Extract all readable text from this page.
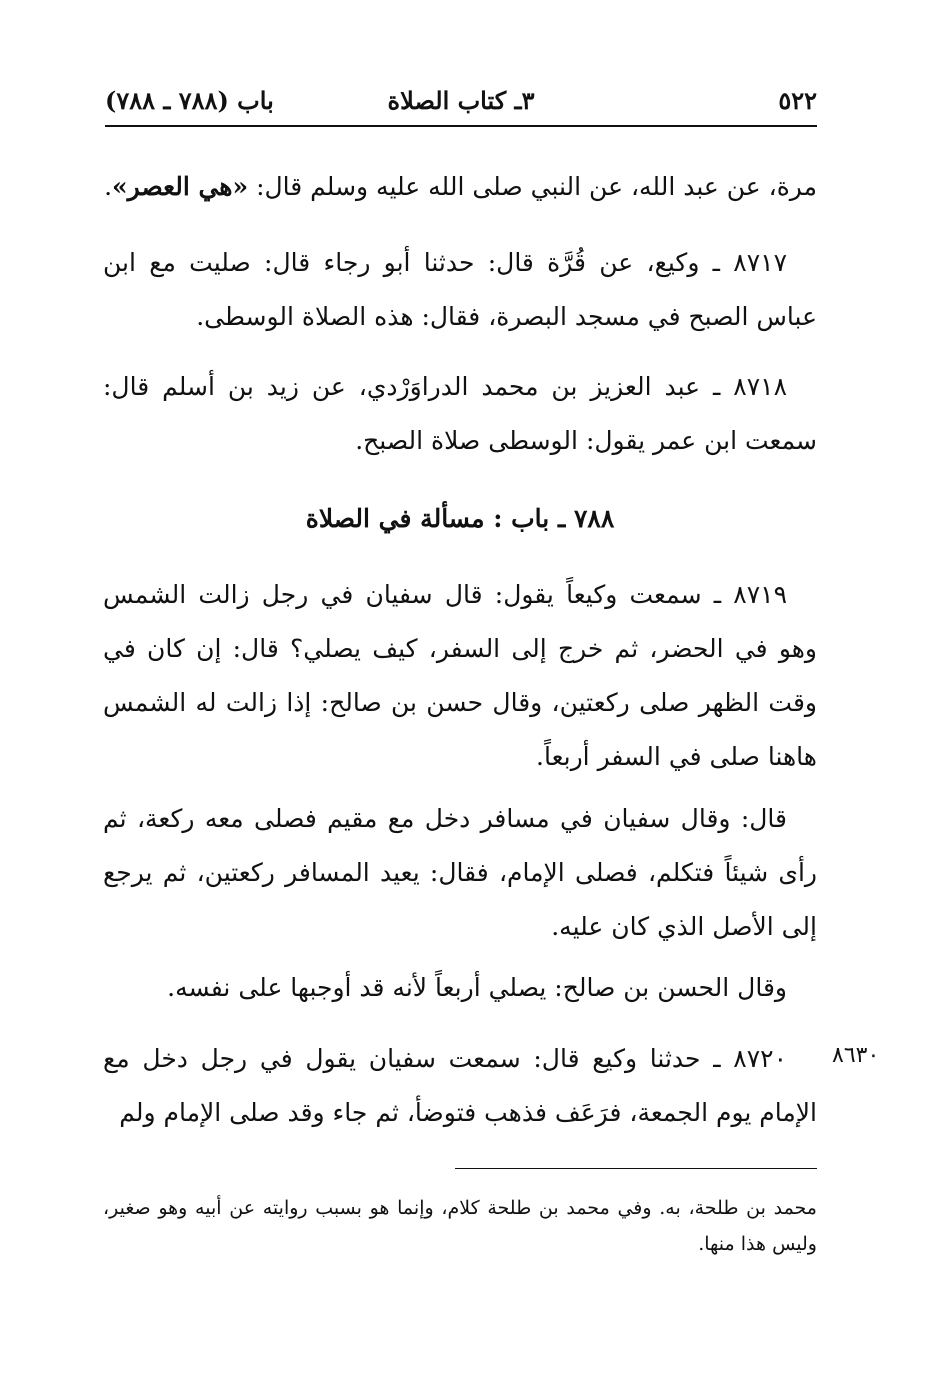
٥٢٢
٣ـ كتاب الصلاة
باب (٧٨٨ ـ ٧٨٨)

مرة، عن عبد الله، عن النبي صلى الله عليه وسلم قال: «هي العصر».

٨٧١٧ ـ وكيع، عن قُرَّة قال: حدثنا أبو رجاء قال: صليت مع ابن عباس الصبح في مسجد البصرة، فقال: هذه الصلاة الوسطى.

٨٧١٨ ـ عبد العزيز بن محمد الدراوَرْدي، عن زيد بن أسلم قال: سمعت ابن عمر يقول: الوسطى صلاة الصبح.

٧٨٨ ـ باب : مسألة في الصلاة

٨٧١٩ ـ سمعت وكيعاً يقول: قال سفيان في رجل زالت الشمس وهو في الحضر، ثم خرج إلى السفر، كيف يصلي؟ قال: إن كان في وقت الظهر صلى ركعتين، وقال حسن بن صالح: إذا زالت له الشمس هاهنا صلى في السفر أربعاً.

قال: وقال سفيان في مسافر دخل مع مقيم فصلى معه ركعة، ثم رأى شيئاً فتكلم، فصلى الإمام، فقال: يعيد المسافر ركعتين، ثم يرجع إلى الأصل الذي كان عليه.

وقال الحسن بن صالح: يصلي أربعاً لأنه قد أوجبها على نفسه.

٨٧٢٠ ـ حدثنا وكيع قال: سمعت سفيان يقول في رجل دخل مع الإمام يوم الجمعة، فرَعَف فذهب فتوضأ، ثم جاء وقد صلى الإمام ولم

٨٦٣٠

محمد بن طلحة، به. وفي محمد بن طلحة كلام، وإنما هو بسبب روايته عن أبيه وهو صغير، وليس هذا منها.
